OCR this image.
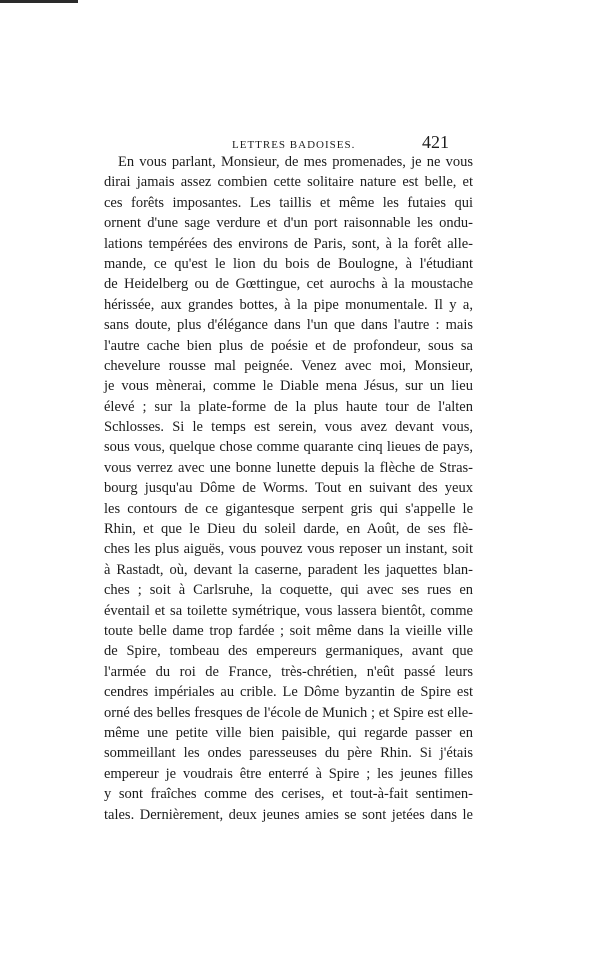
LETTRES BADOISES.	421
En vous parlant, Monsieur, de mes promenades, je ne vous
dirai jamais assez combien cette solitaire nature est belle, et
ces forêts imposantes. Les taillis et même les futaies qui
ornent d'une sage verdure et d'un port raisonnable les ondu-
lations tempérées des environs de Paris, sont, à la forêt alle-
mande, ce qu'est le lion du bois de Boulogne, à l'étudiant
de Heidelberg ou de Gœttingue, cet aurochs à la moustache
hérissée, aux grandes bottes, à la pipe monumentale. Il y a,
sans doute, plus d'élégance dans l'un que dans l'autre : mais
l'autre cache bien plus de poésie et de profondeur, sous sa
chevelure rousse mal peignée. Venez avec moi, Monsieur,
je vous mènerai, comme le Diable mena Jésus, sur un lieu
élevé ; sur la plate-forme de la plus haute tour de l'alten
Schlosses. Si le temps est serein, vous avez devant vous,
sous vous, quelque chose comme quarante cinq lieues de pays,
vous verrez avec une bonne lunette depuis la flèche de Stras-
bourg jusqu'au Dôme de Worms. Tout en suivant des yeux
les contours de ce gigantesque serpent gris qui s'appelle le
Rhin, et que le Dieu du soleil darde, en Août, de ses flè-
ches les plus aiguës, vous pouvez vous reposer un instant, soit
à Rastadt, où, devant la caserne, paradent les jaquettes blan-
ches ; soit à Carlsruhe, la coquette, qui avec ses rues en
éventail et sa toilette symétrique, vous lassera bientôt, comme
toute belle dame trop fardée ; soit même dans la vieille ville
de Spire, tombeau des empereurs germaniques, avant que
l'armée du roi de France, très-chrétien, n'eût passé leurs
cendres impériales au crible. Le Dôme byzantin de Spire est
orné des belles fresques de l'école de Munich ; et Spire est elle-
même une petite ville bien paisible, qui regarde passer en
sommeillant les ondes paresseuses du père Rhin. Si j'étais
empereur je voudrais être enterré à Spire ; les jeunes filles
y sont fraîches comme des cerises, et tout-à-fait sentimen-
tales. Dernièrement, deux jeunes amies se sont jetées dans le
